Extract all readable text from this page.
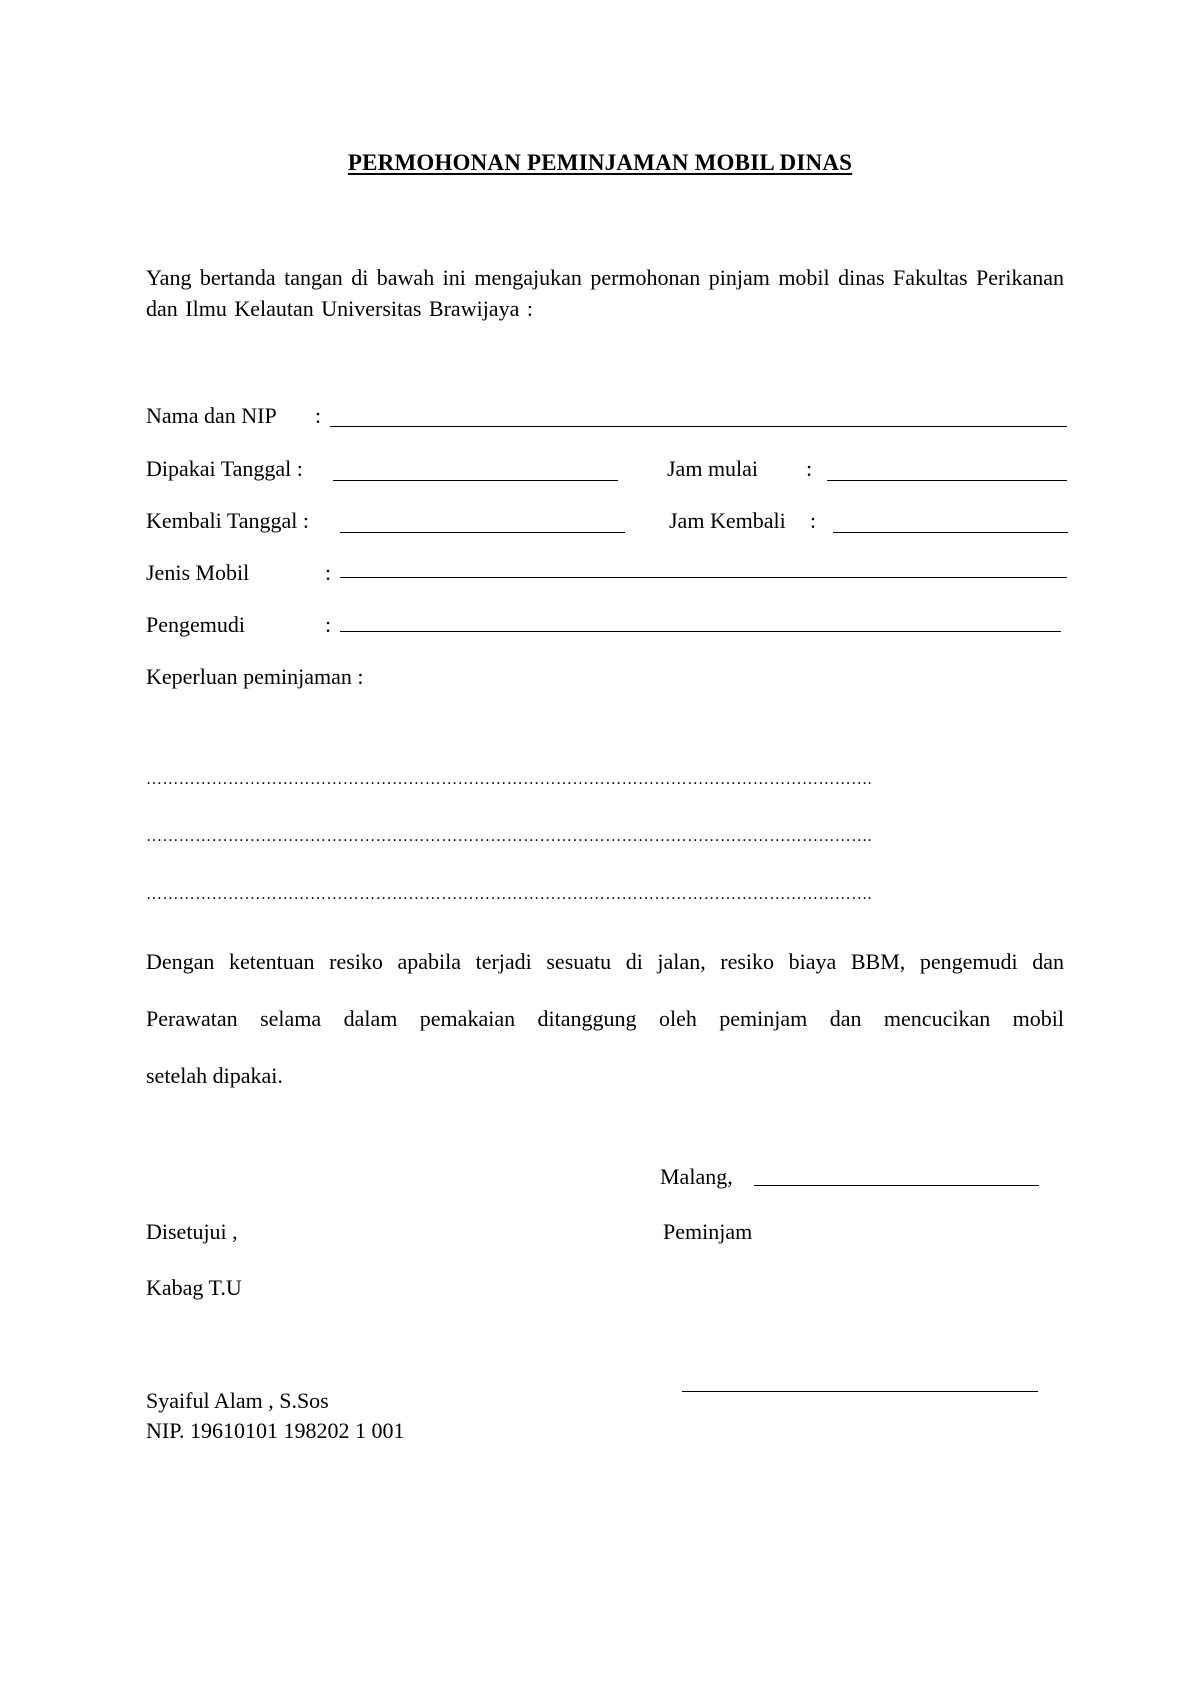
PERMOHONAN PEMINJAMAN MOBIL DINAS
Yang bertanda tangan di bawah ini mengajukan permohonan pinjam mobil dinas Fakultas Perikanan dan Ilmu Kelautan Universitas Brawijaya :
Nama dan NIP :
Dipakai Tanggal :	Jam mulai :
Kembali Tanggal :	Jam Kembali :
Jenis Mobil	:
Pengemudi	:
Keperluan peminjaman :
…………………………………………………………………………………………………………………….
…………………………………………………………………………………………………………………….
…………………………………………………………………………………………………………………….
Dengan ketentuan resiko apabila terjadi sesuatu di jalan, resiko biaya BBM, pengemudi dan
Perawatan selama dalam pemakaian ditanggung oleh peminjam dan mencucikan mobil
setelah dipakai.
Malang,
Disetujui ,	Peminjam
Kabag T.U
Syaiful Alam , S.Sos
NIP. 19610101 198202 1 001
